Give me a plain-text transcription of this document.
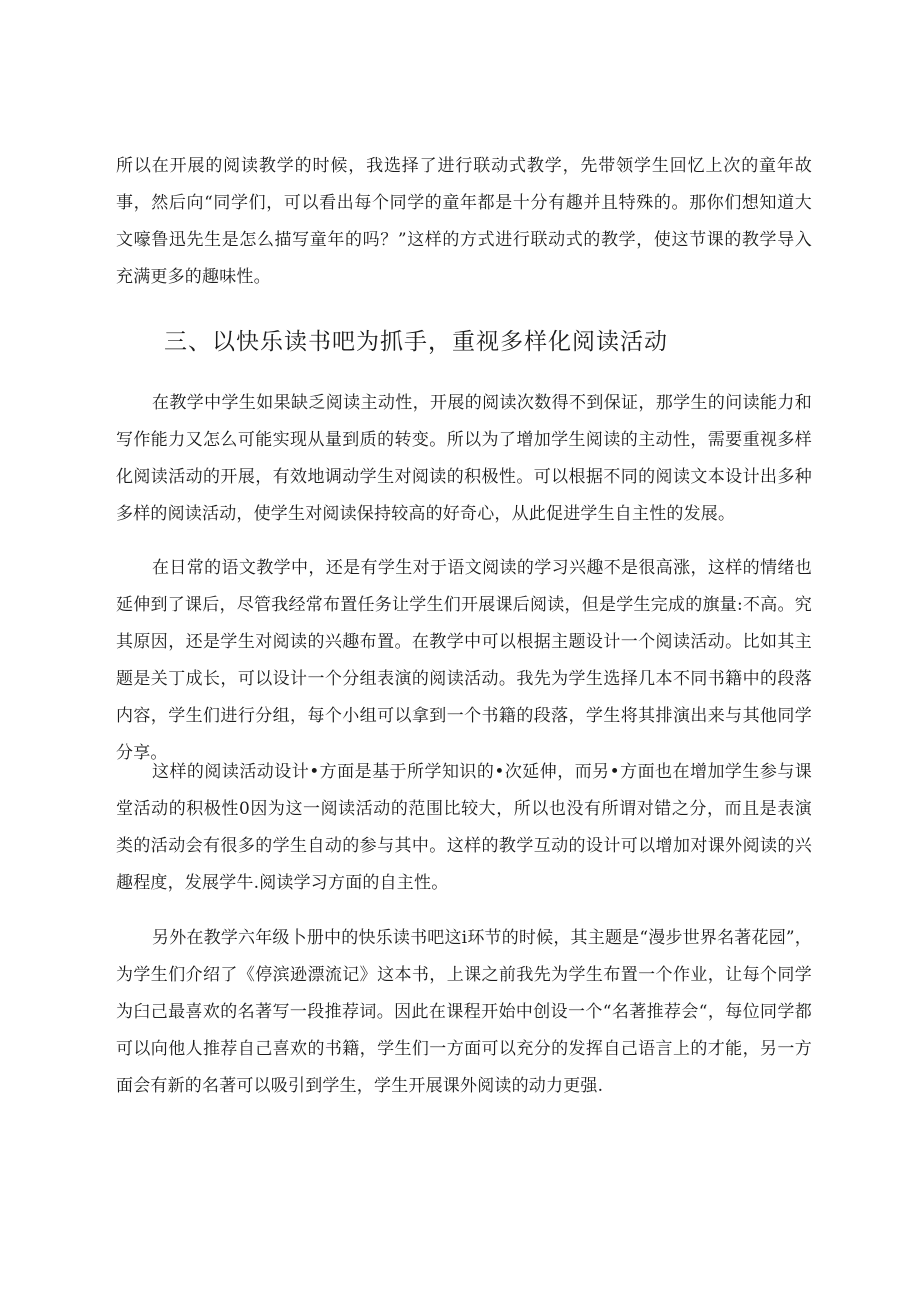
所以在开展的阅读教学的时候，我选择了进行联动式教学，先带领学生回忆上次的童年故事，然后向“同学们，可以看出每个同学的童年都是十分有趣并且特殊的。那你们想知道大文嚎鲁迅先生是怎么描写童年的吗？”这样的方式进行联动式的教学，使这节课的教学导入充满更多的趣味性。

三、以快乐读书吧为抓手，重视多样化阅读活动

在教学中学生如果缺乏阅读主动性，开展的阅读次数得不到保证，那学生的问读能力和写作能力又怎么可能实现从量到质的转变。所以为了增加学生阅读的主动性，需要重视多样化阅读活动的开展，有效地调动学生对阅读的积极性。可以根据不同的阅读文本设计出多种多样的阅读活动，使学生对阅读保持较高的好奇心，从此促进学生自主性的发展。

在日常的语文教学中，还是有学生对于语文阅读的学习兴趣不是很高涨，这样的情绪也延伸到了课后，尽管我经常布置任务让学生们开展课后阅读，但是学生完成的旗量:不高。究其原因，还是学生对阅读的兴趣布置。在教学中可以根据主题设计一个阅读活动。比如其主题是关丁成长，可以设计一个分组表演的阅读活动。我先为学生选择几本不同书籍中的段落内容，学生们进行分组，每个小组可以拿到一个书籍的段落，学生将其排演出来与其他同学分享。

这样的阅读活动设计•方面是基于所学知识的•次延伸，而另•方面也在增加学生参与课堂活动的积极性0因为这一阅读活动的范围比较大，所以也没有所谓对错之分，而且是表演类的活动会有很多的学生自动的参与其中。这样的教学互动的设计可以增加对课外阅读的兴趣程度，发展学牛.阅读学习方面的自主性。

另外在教学六年级卜册中的快乐读书吧这i环节的时候，其主题是“漫步世界名著花园”，为学生们介绍了《停滨逊漂流记》这本书，上课之前我先为学生布置一个作业，让每个同学为臼己最喜欢的名著写一段推荐词。因此在课程开始中创设一个“名著推荐会“，每位同学都可以向他人推荐自己喜欢的书籍，学生们一方面可以充分的发挥自己语言上的才能，另一方面会有新的名著可以吸引到学生，学生开展课外阅读的动力更强.
